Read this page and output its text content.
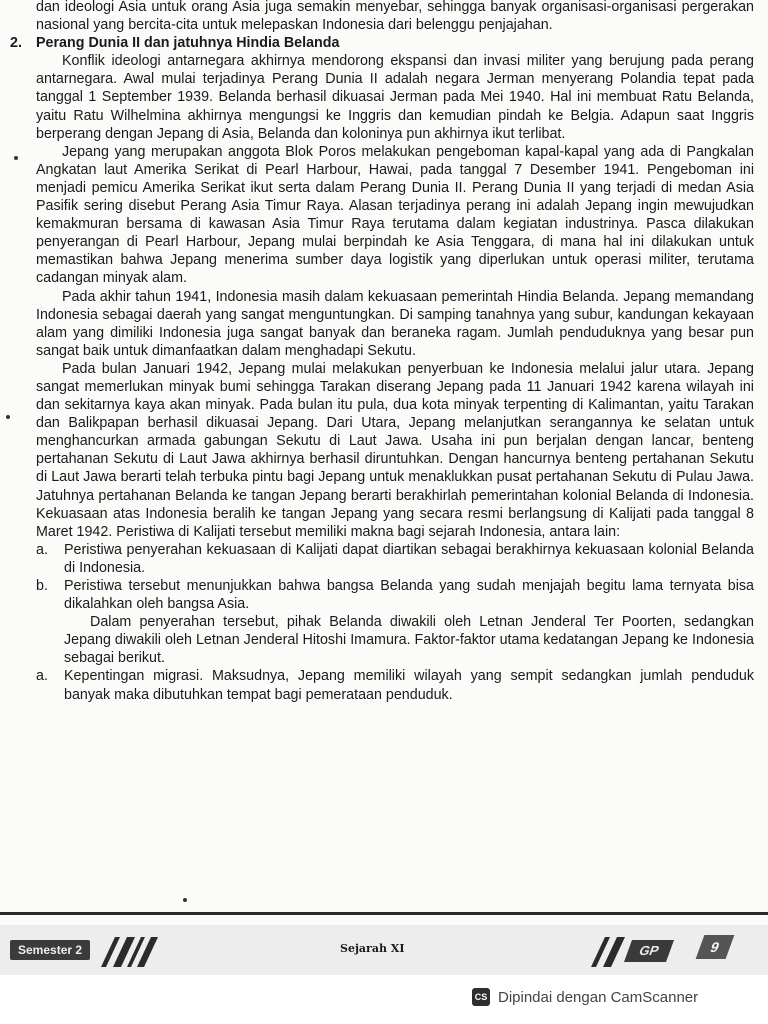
dan ideologi Asia untuk orang Asia juga semakin menyebar, sehingga banyak organisasi-organisasi pergerakan nasional yang bercita-cita untuk melepaskan Indonesia dari belenggu penjajahan.

2. Perang Dunia II dan jatuhnya Hindia Belanda

Konflik ideologi antarnegara akhirnya mendorong ekspansi dan invasi militer yang berujung pada perang antarnegara. Awal mulai terjadinya Perang Dunia II adalah negara Jerman menyerang Polandia tepat pada tanggal 1 September 1939. Belanda berhasil dikuasai Jerman pada Mei 1940. Hal ini membuat Ratu Belanda, yaitu Ratu Wilhelmina akhirnya mengungsi ke Inggris dan kemudian pindah ke Belgia. Adapun saat Inggris berperang dengan Jepang di Asia, Belanda dan koloninya pun akhirnya ikut terlibat.

Jepang yang merupakan anggota Blok Poros melakukan pengeboman kapal-kapal yang ada di Pangkalan Angkatan laut Amerika Serikat di Pearl Harbour, Hawai, pada tanggal 7 Desember 1941. Pengeboman ini menjadi pemicu Amerika Serikat ikut serta dalam Perang Dunia II. Perang Dunia II yang terjadi di medan Asia Pasifik sering disebut Perang Asia Timur Raya. Alasan terjadinya perang ini adalah Jepang ingin mewujudkan kemakmuran bersama di kawasan Asia Timur Raya terutama dalam kegiatan industrinya. Pasca dilakukan penyerangan di Pearl Harbour, Jepang mulai berpindah ke Asia Tenggara, di mana hal ini dilakukan untuk memastikan bahwa Jepang menerima sumber daya logistik yang diperlukan untuk operasi militer, terutama cadangan minyak alam.

Pada akhir tahun 1941, Indonesia masih dalam kekuasaan pemerintah Hindia Belanda. Jepang memandang Indonesia sebagai daerah yang sangat menguntungkan. Di samping tanahnya yang subur, kandungan kekayaan alam yang dimiliki Indonesia juga sangat banyak dan beraneka ragam. Jumlah penduduknya yang besar pun sangat baik untuk dimanfaatkan dalam menghadapi Sekutu.

Pada bulan Januari 1942, Jepang mulai melakukan penyerbuan ke Indonesia melalui jalur utara. Jepang sangat memerlukan minyak bumi sehingga Tarakan diserang Jepang pada 11 Januari 1942 karena wilayah ini dan sekitarnya kaya akan minyak. Pada bulan itu pula, dua kota minyak terpenting di Kalimantan, yaitu Tarakan dan Balikpapan berhasil dikuasai Jepang. Dari Utara, Jepang melanjutkan serangannya ke selatan untuk menghancurkan armada gabungan Sekutu di Laut Jawa. Usaha ini pun berjalan dengan lancar, benteng pertahanan Sekutu di Laut Jawa akhirnya berhasil diruntuhkan. Dengan hancurnya benteng pertahanan Sekutu di Laut Jawa berarti telah terbuka pintu bagi Jepang untuk menaklukkan pusat pertahanan Sekutu di Pulau Jawa. Jatuhnya pertahanan Belanda ke tangan Jepang berarti berakhirlah pemerintahan kolonial Belanda di Indonesia. Kekuasaan atas Indonesia beralih ke tangan Jepang yang secara resmi berlangsung di Kalijati pada tanggal 8 Maret 1942. Peristiwa di Kalijati tersebut memiliki makna bagi sejarah Indonesia, antara lain:

a.	Peristiwa penyerahan kekuasaan di Kalijati dapat diartikan sebagai berakhirnya kekuasaan kolonial Belanda di Indonesia.
b.	Peristiwa tersebut menunjukkan bahwa bangsa Belanda yang sudah menjajah begitu lama ternyata bisa dikalahkan oleh bangsa Asia.

Dalam penyerahan tersebut, pihak Belanda diwakili oleh Letnan Jenderal Ter Poorten, sedangkan Jepang diwakili oleh Letnan Jenderal Hitoshi Imamura. Faktor-faktor utama kedatangan Jepang ke Indonesia sebagai berikut.

a.	Kepentingan migrasi. Maksudnya, Jepang memiliki wilayah yang sempit sedangkan jumlah penduduk banyak maka dibutuhkan tempat bagi pemerataan penduduk.
Semester 2	Sejarah XI	GP	9
CS Dipindai dengan CamScanner
